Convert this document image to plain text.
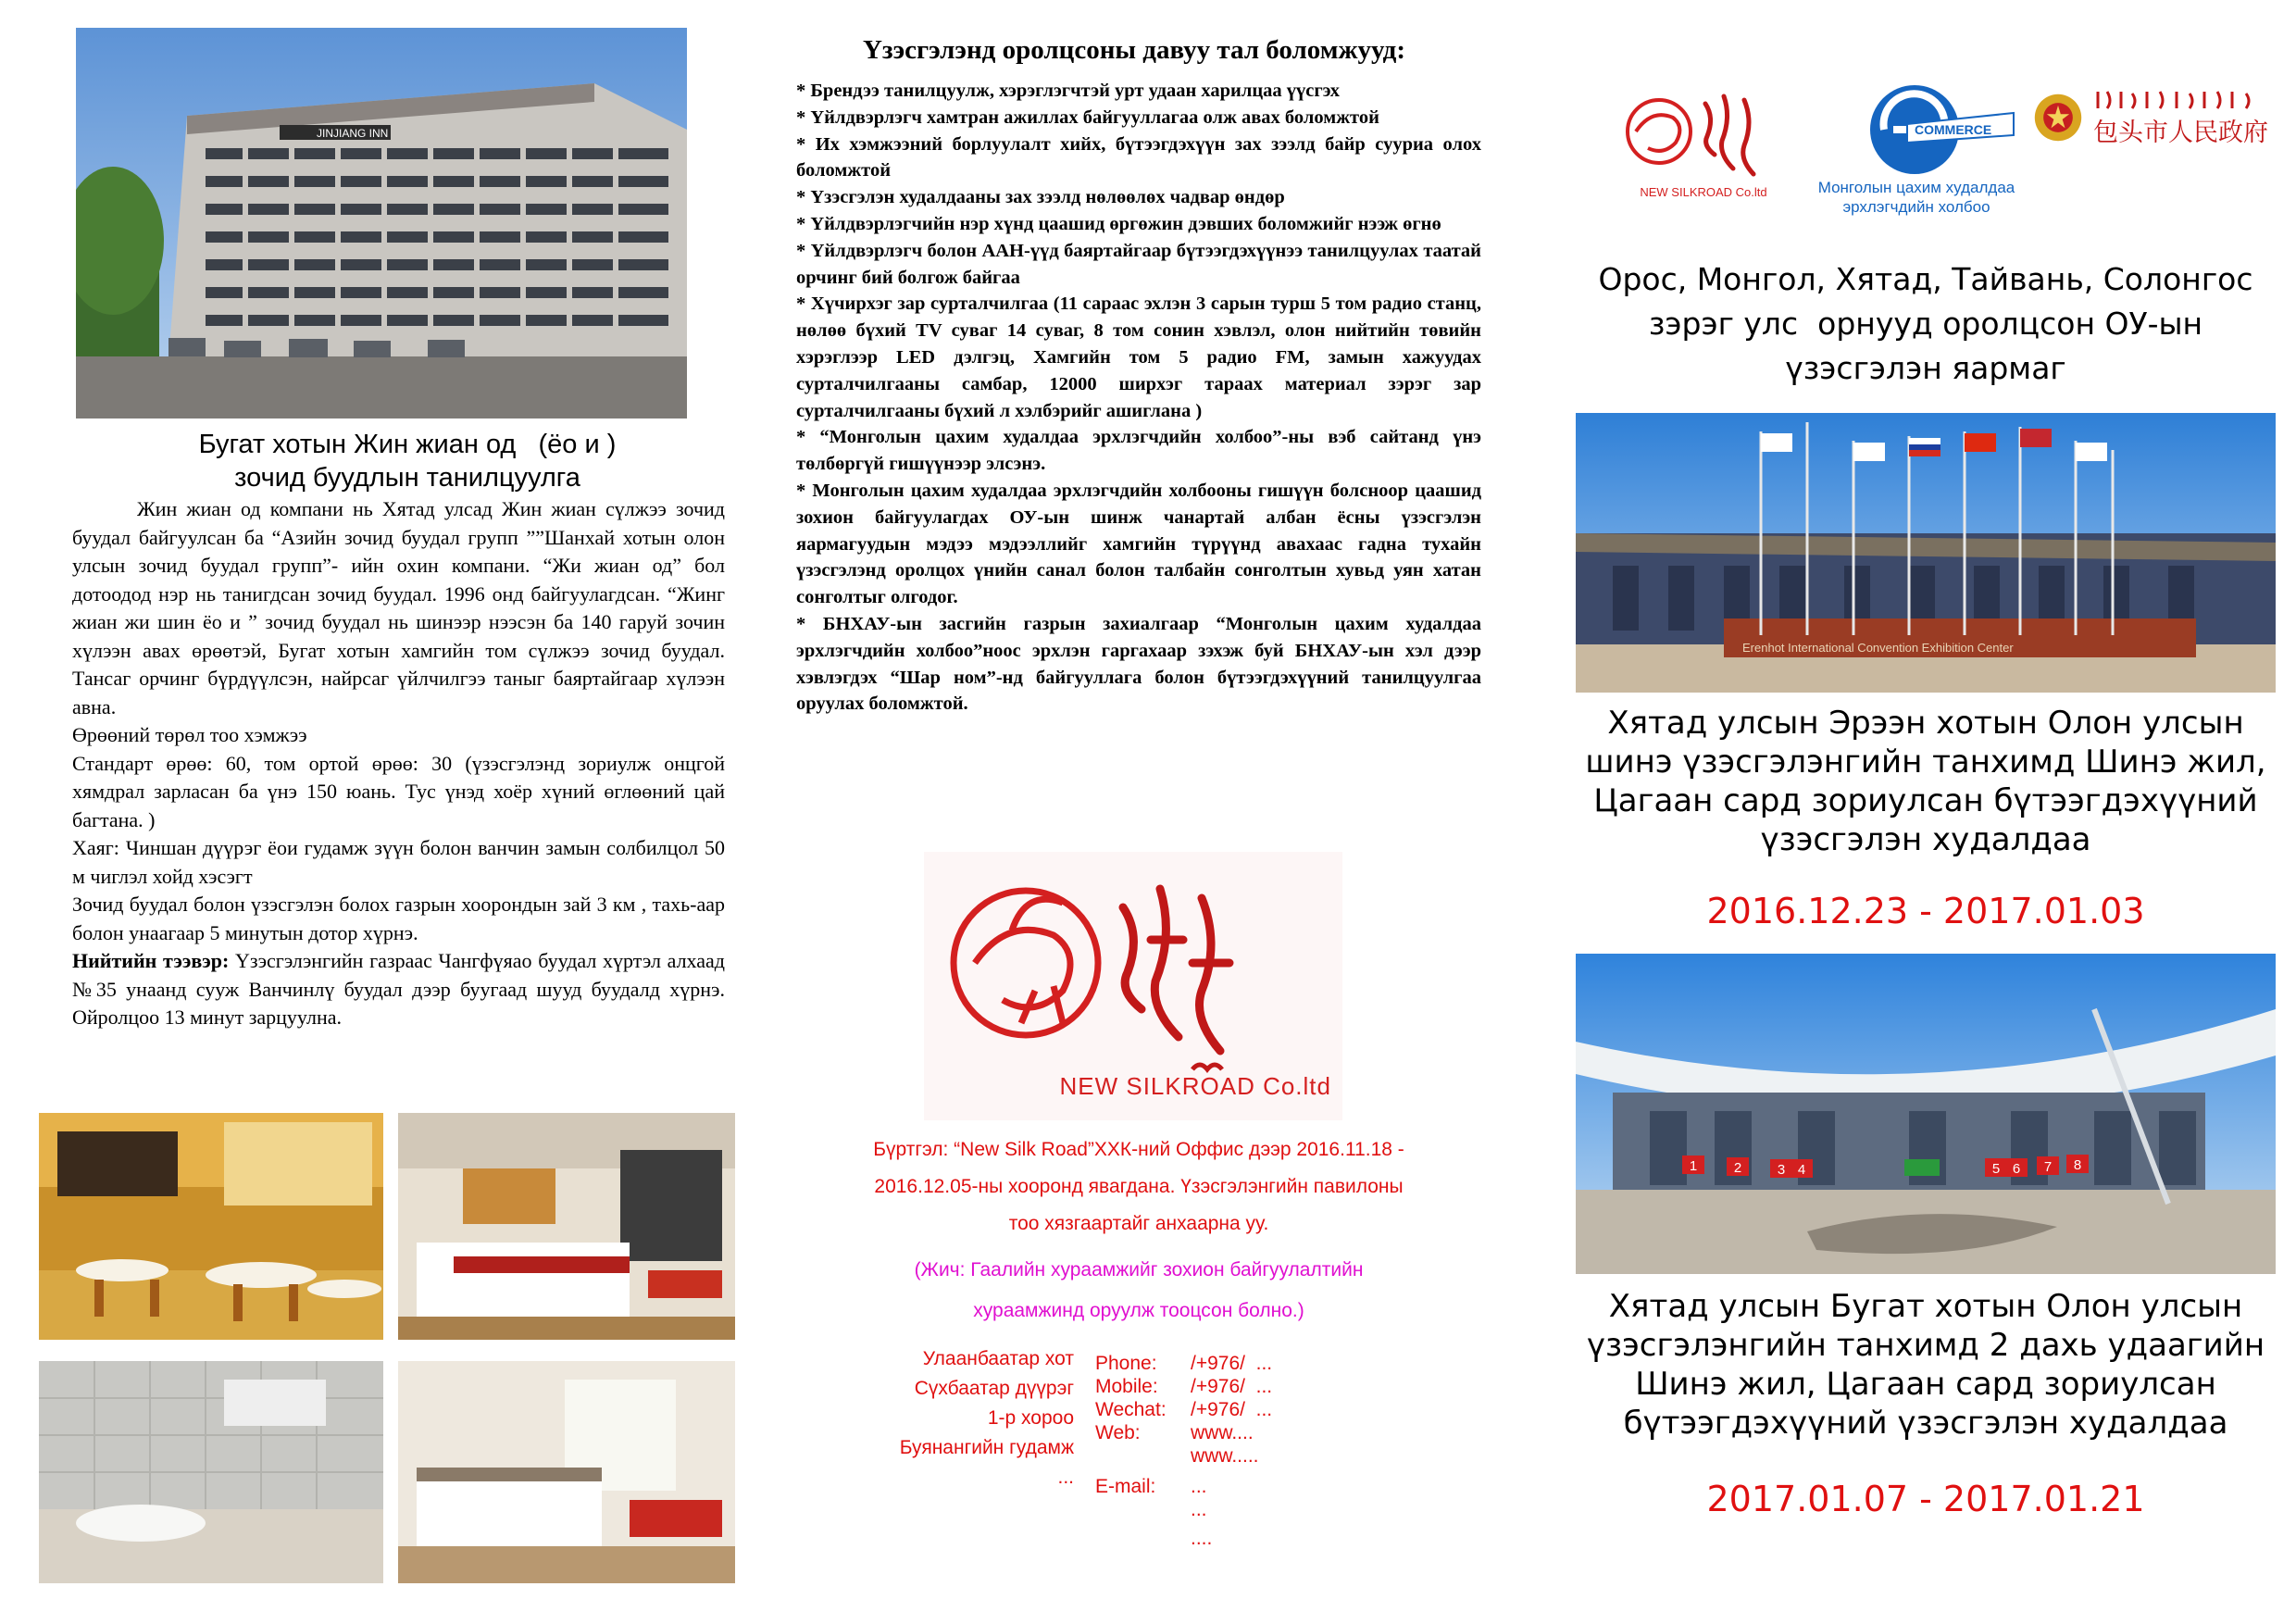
JINJIANG INN
Бугат хотын Жин жиан од   (ёо и )
зочид буудлын танилцуулга

Жин жиан од компани нь Хятад улсад Жин жиан сүлжээ зочид буудал байгуулсан ба “Азийн зочид буудал групп ””Шанхай хотын олон улсын зочид буудал групп”- ийн охин компани. “Жи жиан од” бол дотоодод нэр нь танигдсан зочид буудал. 1996 онд байгуулагдсан. “Жинг жиан жи шин ёо и ” зочид буудал нь шинээр нээсэн ба 140 гаруй зочин хүлээн авах өрөөтэй, Бугат хотын хамгийн том сүлжээ зочид буудал. Тансаг орчинг бүрдүүлсэн, найрсаг үйлчилгээ таныг баяртайгаар хүлээн авна.

Өрөөний төрөл тоо хэмжээ

Стандарт өрөө: 60, том ортой өрөө: 30 (үзэсгэлэнд зориулж онцгой хямдрал зарласан ба үнэ 150 юань. Тус үнэд хоёр хүний өглөөний цай багтана. )

Хаяг: Чиншан дүүрэг ёои гудамж зүүн болон ванчин замын солбилцол 50 м чиглэл хойд хэсэгт

Зочид буудал болон үзэсгэлэн болох газрын хоорондын зай 3 км , тахь-аар болон унаагаар 5 минутын дотор хүрнэ.

Нийтийн тээвэр: Үзэсгэлэнгийн газраас Чангфүяао буудал хүртэл алхаад №35 унаанд сууж Ванчинлү буудал дээр буугаад шууд буудалд хүрнэ. Ойролцоо 13 минут зарцуулна.

Үзэсгэлэнд оролцсоны давуу тал боломжууд:
* Брендээ танилцуулж, хэрэглэгчтэй урт удаан харилцаа үүсгэх
* Үйлдвэрлэгч хамтран ажиллах байгууллагаа олж авах боломжтой
* Их хэмжээний борлуулалт хийх, бүтээгдэхүүн зах зээлд байр сууриа олох боломжтой
* Үзэсгэлэн худалдааны зах зээлд нөлөөлөх чадвар өндөр
* Үйлдвэрлэгчийн нэр хүнд цаашид өргөжин дэвших боломжийг нээж өгнө
* Үйлдвэрлэгч болон ААН-үүд баяртайгаар бүтээгдэхүүнээ танилцуулах таатай орчинг бий болгож байгаа
* Хүчирхэг зар сурталчилгаа (11 сараас эхлэн 3 сарын турш 5 том радио станц, нөлөө бүхий TV суваг 14 суваг, 8 том сонин хэвлэл, олон нийтийн төвийн хэрэглээр LED дэлгэц, Хамгийн том 5 радио FM, замын хажуудах сурталчилгааны самбар, 12000 ширхэг тараах материал зэрэг зар сурталчилгааны бүхий л хэлбэрийг ашиглана )
* “Монголын цахим худалдаа эрхлэгчдийн холбоо”-ны вэб сайтанд үнэ төлбөргүй гишүүнээр элсэнэ.
* Монголын цахим худалдаа эрхлэгчдийн холбооны гишүүн болсноор цаашид зохион байгуулагдах ОУ-ын шинж чанартай албан ёсны үзэсгэлэн яармагуудын мэдээ мэдээллийг хамгийн түрүүнд авахаас гадна тухайн үзэсгэлэнд оролцох үнийн санал болон талбайн сонголтын хувьд уян хатан сонголтыг олгодог.
* БНХАУ-ын засгийн газрын захиалгаар “Монголын цахим худалдаа эрхлэгчдийн холбоо”ноос эрхлэн гаргахаар зэхэж буй БНХАУ-ын хэл дээр хэвлэгдэх “Шар ном”-нд байгууллага болон бүтээгдэхүүний танилцуулгаа оруулах боломжтой.
NEW SILKROAD Co.ltd
Бүртгэл: “New Silk Road”ХХК-ний Оффис дээр 2016.11.18 -
2016.12.05-ны хооронд явагдана. Үзэсгэлэнгийн павилоны
тоо хязгаартайг анхаарна уу.
(Жич: Гаалийн хураамжийг зохион байгуулалтийн
хураамжинд оруулж тооцсон болно.)
Улаанбаатар хот
Сүхбаатар дүүрэг
1-р хороо
Буянангийн гудамж
...
Phone:	/+976/  ...
Mobile:	/+976/  ...
Wechat:	/+976/  ...
Web:	www....
www.....
E-mail:	...
...
....
NEW SILKROAD Co.ltd
COMMERCE
Монголын цахим худалдаа
эрхлэгчдийн холбоо
包头市人民政府
Орос, Монгол, Хятад, Тайвань, Солонгос
зэрэг улс  орнууд оролцсон ОУ-ын
үзэсгэлэн яармаг
Erenhot International Convention Exhibition Center
Хятад улсын Эрээн хотын Олон улсын
шинэ үзэсгэлэнгийн танхимд Шинэ жил,
Цагаан сард зориулсан бүтээгдэхүүний
үзэсгэлэн худалдаа
2016.12.23 - 2017.01.03
1	2	3 4	5 6 7 8
Хятад улсын Бугат хотын Олон улсын
үзэсгэлэнгийн танхимд 2 дахь удаагийн
Шинэ жил, Цагаан сард зориулсан
бүтээгдэхүүний үзэсгэлэн худалдаа
2017.01.07 - 2017.01.21
